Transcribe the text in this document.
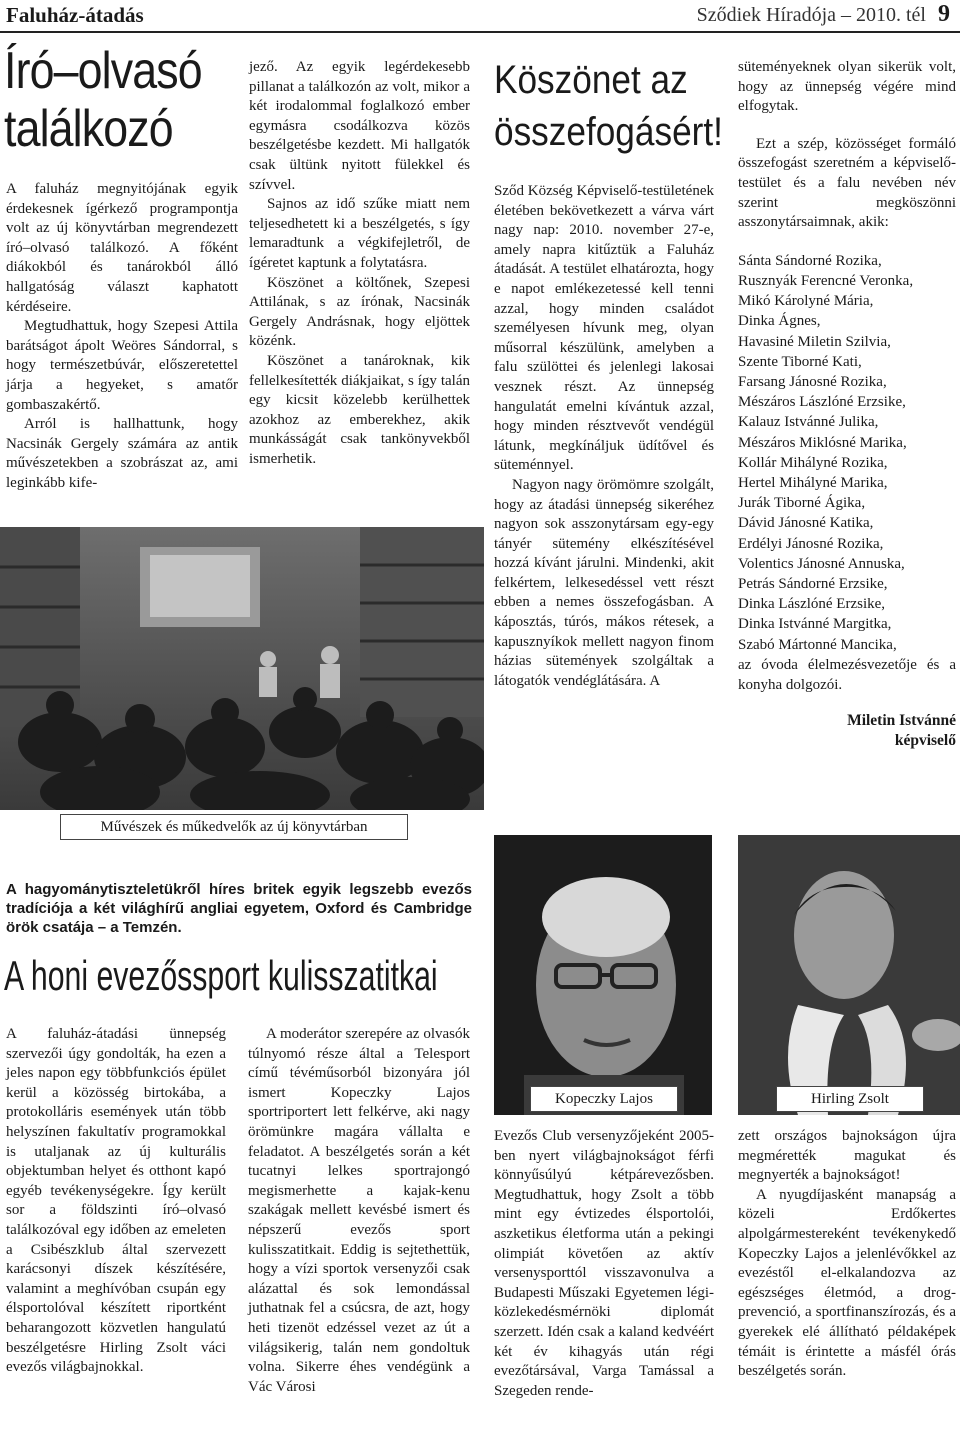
Faluház-átadás	Sződiek Híradója – 2010. tél 9
Író–olvasó
találkozó

A faluház megnyitójának egyik érdekesnek ígérkező programpontja volt az új könyvtárban megrendezett író–olvasó találkozó. A főként diákokból és tanárokból álló hallgatóság választ kaphatott kérdéseire.

Megtudhattuk, hogy Szepesi Attila barátságot ápolt Weöres Sándorral, s hogy természetbúvár, előszeretettel járja a hegyeket, s amatőr gombaszakértő.

Arról is hallhattunk, hogy Nacsinák Gergely számára az antik művészetekben a szobrászat az, ami leginkább kife-

jező. Az egyik legérdekesebb pillanat a találkozón az volt, mikor a két irodalommal foglalkozó ember egymásra csodálkozva közös beszélgetésbe kezdett. Mi hallgatók csak ültünk nyitott fülekkel és szívvel.

Sajnos az idő szűke miatt nem teljesedhetett ki a beszélgetés, s így lemaradtunk a végkifejletről, de ígéretet kaptunk a folytatásra.

Köszönet a költőnek, Szepesi Attilának, s az írónak, Nacsinák Gergely Andrásnak, hogy eljöttek közénk.

Köszönet a tanároknak, kik fellelkesítették diákjaikat, s így talán egy kicsit közelebb kerülhettek azokhoz az emberekhez, akik munkásságát csak tankönyvekből ismerhetik.

Művészek és műkedvelők az új könyvtárban
Köszönet az
összefogásért!

Sződ Község Képviselő-testületének életében bekövetkezett a várva várt nagy nap: 2010. november 27-e, amely napra kitűztük a Faluház átadását. A testület elhatározta, hogy e napot emlékezetessé kell tenni azzal, hogy minden családot személyesen hívunk meg, olyan műsorral készülünk, amelyben a falu szülöttei és jelenlegi lakosai vesznek részt. Az ünnepség hangulatát emelni kívántuk azzal, hogy minden résztvevőt vendégül látunk, megkínáljuk üdítővel és süteménnyel.

Nagyon nagy örömömre szolgált, hogy az átadási ünnepség sikeréhez nagyon sok asszonytársam egy-egy tányér sütemény elkészítésével hozzá kívánt járulni. Mindenki, akit felkértem, lelkesedéssel vett részt ebben a nemes összefogásban. A káposztás, túrós, mákos rétesek, a kapusznyíkok mellett nagyon finom házias sütemények szolgáltak a látogatók vendéglátására. A

süteményeknek olyan sikerük volt, hogy az ünnepség végére mind elfogytak.

Ezt a szép, közösséget formáló összefogást szeretném a képviselő-testület és a falu nevében név szerint megköszönni asszonytársaimnak, akik:

Sánta Sándorné Rozika,
Rusznyák Ferencné Veronka,
Mikó Károlyné Mária,
Dinka Ágnes,
Havasiné Miletin Szilvia,
Szente Tiborné Kati,
Farsang Jánosné Rozika,
Mészáros Lászlóné Erzsike,
Kalauz Istvánné Julika,
Mészáros Miklósné Marika,
Kollár Mihályné Rozika,
Hertel Mihályné Marika,
Jurák Tiborné Ágika,
Dávid Jánosné Katika,
Erdélyi Jánosné Rozika,
Volentics Jánosné Annuska,
Petrás Sándorné Erzsike,
Dinka Lászlóné Erzsike,
Dinka Istvánné Margitka,
Szabó Mártonné Mancika,
az óvoda élelmezésvezetője és a konyha dolgozói.
Miletin Istvánné
képviselő
A hagyománytiszteletükről híres britek egyik legszebb evezős tradíciója a két világhírű angliai egyetem, Oxford és Cambridge örök csatája – a Temzén.
A honi evezőssport kulisszatitkai

A faluház-átadási ünnepség szervezői úgy gondolták, ha ezen a jeles napon egy többfunkciós épület kerül a közösség birtokába, a protokolláris események után több helyszínen fakultatív programokkal is utaljanak az új kulturális objektumban helyet és otthont kapó egyéb tevékenységekre. Így került sor a földszinti író–olvasó találkozóval egy időben az emeleten a Csibészklub által szervezett karácsonyi díszek készítésére, valamint a meghívóban csupán egy élsportolóval készített riportként beharangozott közvetlen hangulatú beszélgetésre Hirling Zsolt váci evezős világbajnokkal.

A moderátor szerepére az olvasók túlnyomó része által a Telesport című tévéműsorból bizonyára jól ismert Kopeczky Lajos sportriportert lett felkérve, aki nagy örömünkre magára vállalta e feladatot. A beszélgetés során a két tucatnyi lelkes sportrajongó megismerhette a kajak-kenu szakágak mellett kevésbé ismert és népszerű evezős sport kulisszatitkait. Eddig is sejtethettük, hogy a vízi sportok versenyzői csak alázattal és sok lemondással juthatnak fel a csúcsra, de azt, hogy heti tizenöt edzéssel vezet az út a világsikerig, talán nem gondoltuk volna. Sikerre éhes vendégünk a Vác Városi

Kopeczky Lajos	Hirling Zsolt

Evezős Club versenyzőjeként 2005-ben nyert világbajnokságot férfi könnyűsúlyú kétpárevezősben. Megtudhattuk, hogy Zsolt a több mint egy évtizedes élsportolói, aszketikus életforma után a pekingi olimpiát követően az aktív versenysporttól visszavonulva a Budapesti Műszaki Egyetemen légi-közlekedésmérnöki diplomát szerzett. Idén csak a kaland kedvéért két év kihagyás után régi evezőtársával, Varga Tamással a Szegeden rende-

zett országos bajnokságon újra megmérették magukat és megnyerték a bajnokságot!

A nyugdíjasként manapság a közeli Erdőkertes alpolgármestereként tevékenykedő Kopeczky Lajos a jelenlévőkkel az evezéstől el-elkalandozva az egészséges életmód, a drog-prevenció, a sportfinanszírozás, és a gyerekek elé állítható példaképek témáit is érintette a másfél órás beszélgetés során.
